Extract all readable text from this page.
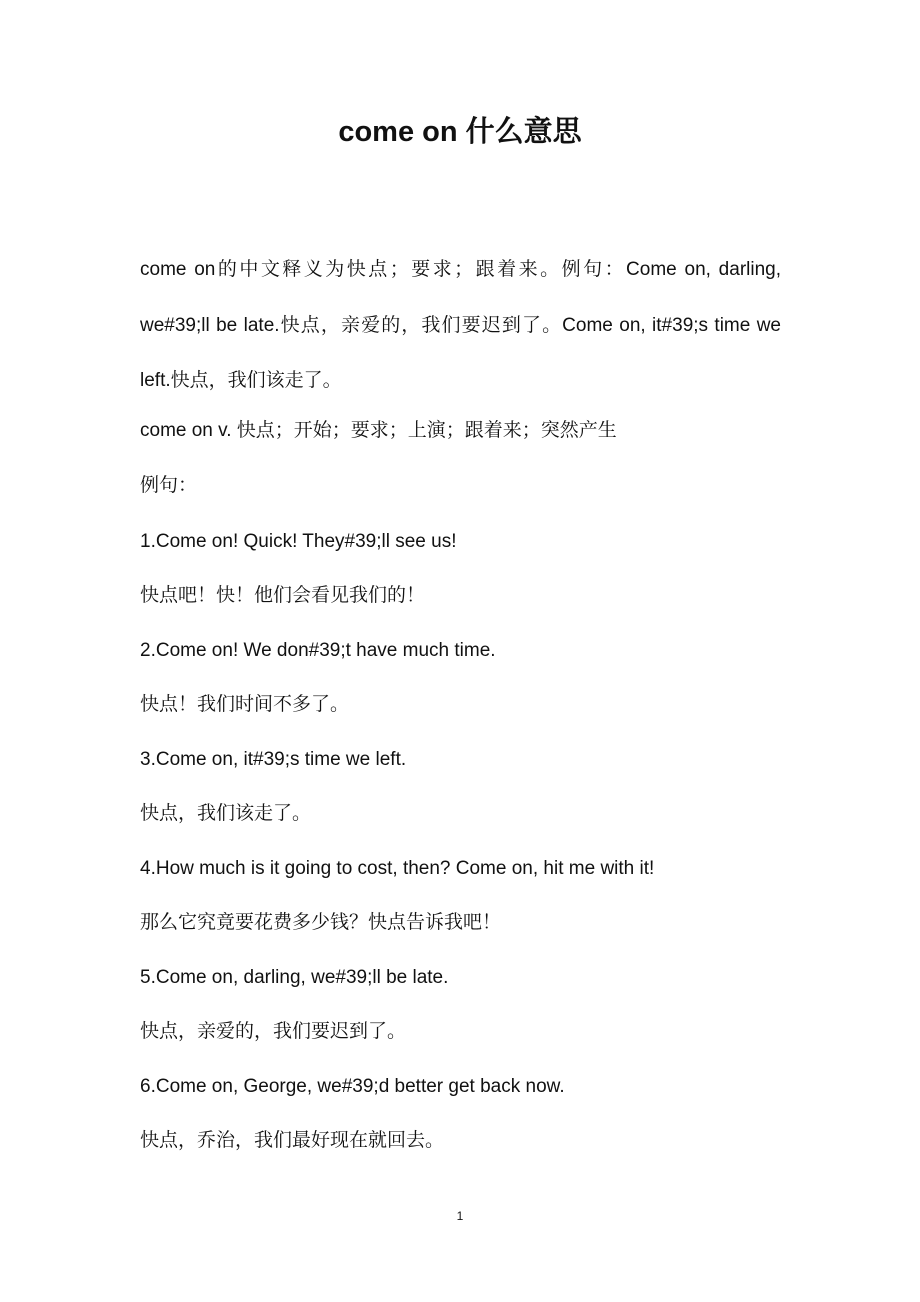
come on 什么意思

come on的中文释义为快点；要求；跟着来。例句：Come on, darling, we#39;ll be late.快点，亲爱的，我们要迟到了。Come on, it#39;s time we left.快点，我们该走了。

come on v. 快点；开始；要求；上演；跟着来；突然产生

例句：

1.Come on! Quick! They#39;ll see us!

快点吧！快！他们会看见我们的！

2.Come on! We don#39;t have much time.

快点！我们时间不多了。

3.Come on, it#39;s time we left.

快点，我们该走了。

4.How much is it going to cost, then? Come on, hit me with it!

那么它究竟要花费多少钱？快点告诉我吧！

5.Come on, darling, we#39;ll be late.

快点，亲爱的，我们要迟到了。

6.Come on, George, we#39;d better get back now.

快点，乔治，我们最好现在就回去。

1
